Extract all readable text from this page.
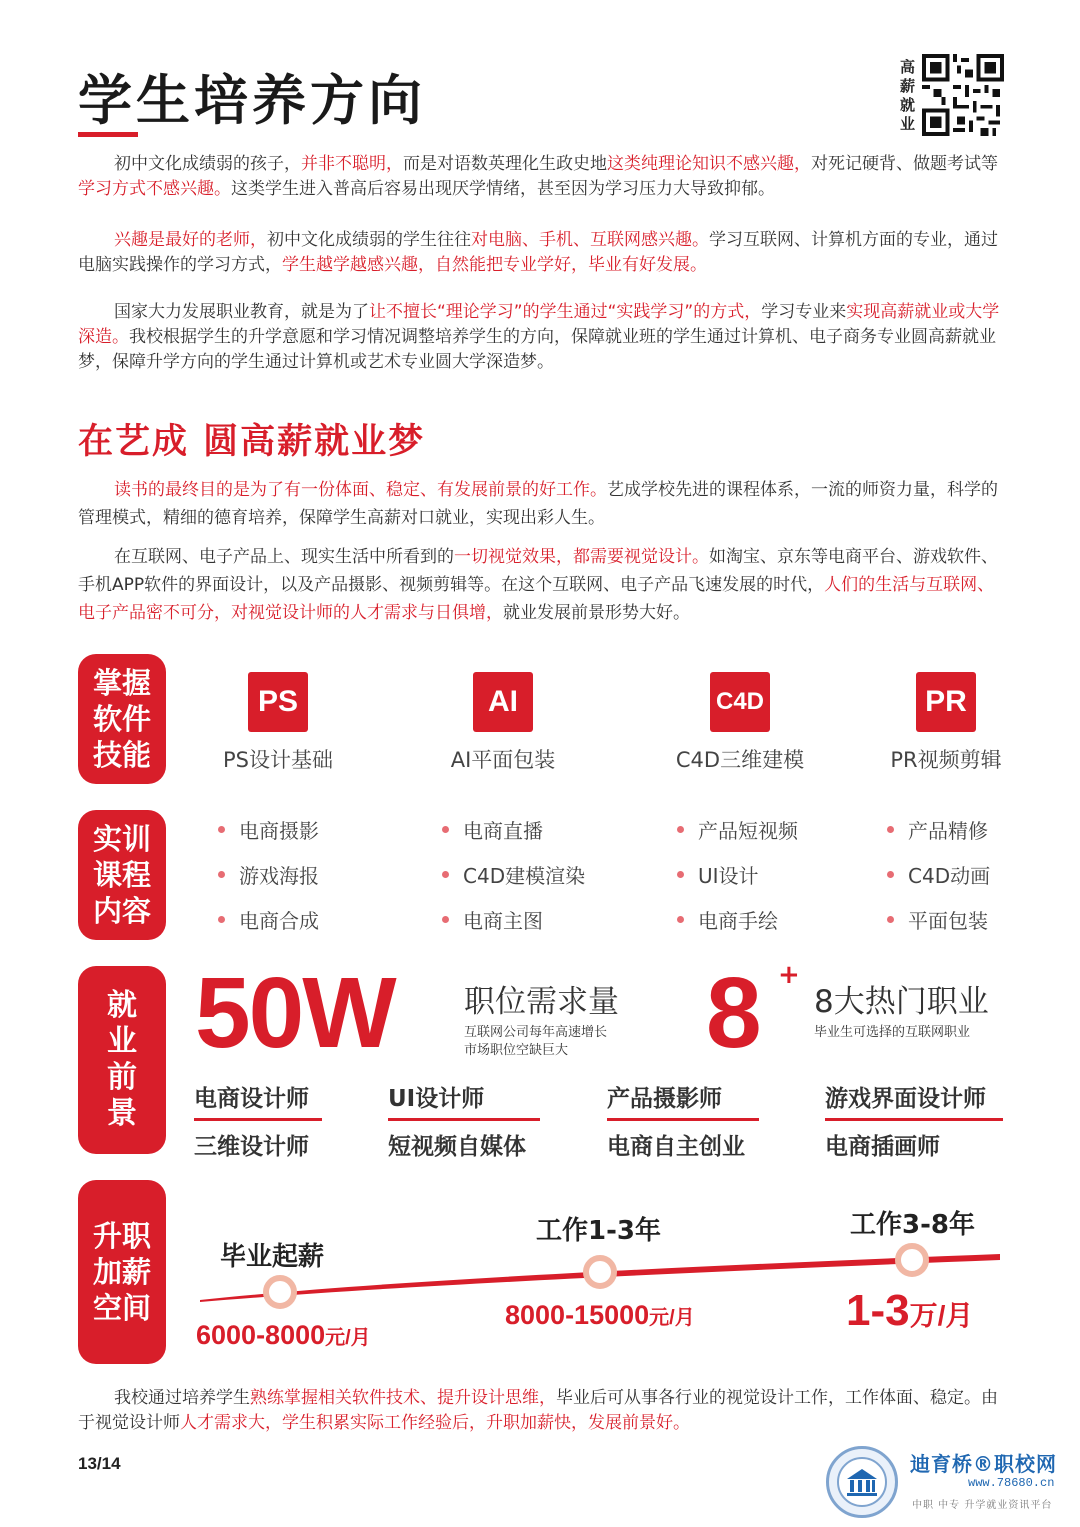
学生培养方向
高薪就业

初中文化成绩弱的孩子，并非不聪明，而是对语数英理化生政史地这类纯理论知识不感兴趣，对死记硬背、做题考试等学习方式不感兴趣。这类学生进入普高后容易出现厌学情绪，甚至因为学习压力大导致抑郁。

兴趣是最好的老师，初中文化成绩弱的学生往往对电脑、手机、互联网感兴趣。学习互联网、计算机方面的专业，通过电脑实践操作的学习方式，学生越学越感兴趣，自然能把专业学好，毕业有好发展。

国家大力发展职业教育，就是为了让不擅长“理论学习”的学生通过“实践学习”的方式，学习专业来实现高薪就业或大学深造。我校根据学生的升学意愿和学习情况调整培养学生的方向，保障就业班的学生通过计算机、电子商务专业圆高薪就业梦，保障升学方向的学生通过计算机或艺术专业圆大学深造梦。

在艺成 圆高薪就业梦

读书的最终目的是为了有一份体面、稳定、有发展前景的好工作。艺成学校先进的课程体系，一流的师资力量，科学的管理模式，精细的德育培养，保障学生高薪对口就业，实现出彩人生。

在互联网、电子产品上、现实生活中所看到的一切视觉效果，都需要视觉设计。如淘宝、京东等电商平台、游戏软件、手机APP软件的界面设计，以及产品摄影、视频剪辑等。在这个互联网、电子产品飞速发展的时代，人们的生活与互联网、电子产品密不可分，对视觉设计师的人才需求与日俱增，就业发展前景形势大好。

掌握软件技能
PS
PS设计基础
AI
AI平面包装
C4D
C4D三维建模
PR
PR视频剪辑
实训课程内容
电商摄影
游戏海报
电商合成
电商直播
C4D建模渲染
电商主图
产品短视频
UI设计
电商手绘
产品精修
C4D动画
平面包装
就业前景
50W 职位需求量
互联网公司每年高速增长
市场职位空缺巨大 8 +
8大热门职业
毕业生可选择的互联网职业
电商设计师	UI设计师	产品摄影师	游戏界面设计师
三维设计师	短视频自媒体	电商自主创业	电商插画师
升职加薪空间
毕业起薪
工作1-3年	工作3-8年
6000-8000元/月
8000-15000元/月	1-3万/月

我校通过培养学生熟练掌握相关软件技术、提升设计思维，毕业后可从事各行业的视觉设计工作，工作体面、稳定。由于视觉设计师人才需求大，学生积累实际工作经验后，升职加薪快，发展前景好。

13/14	迪育桥®职校网
www.78680.cn
中职 中专 升学就业资讯平台
